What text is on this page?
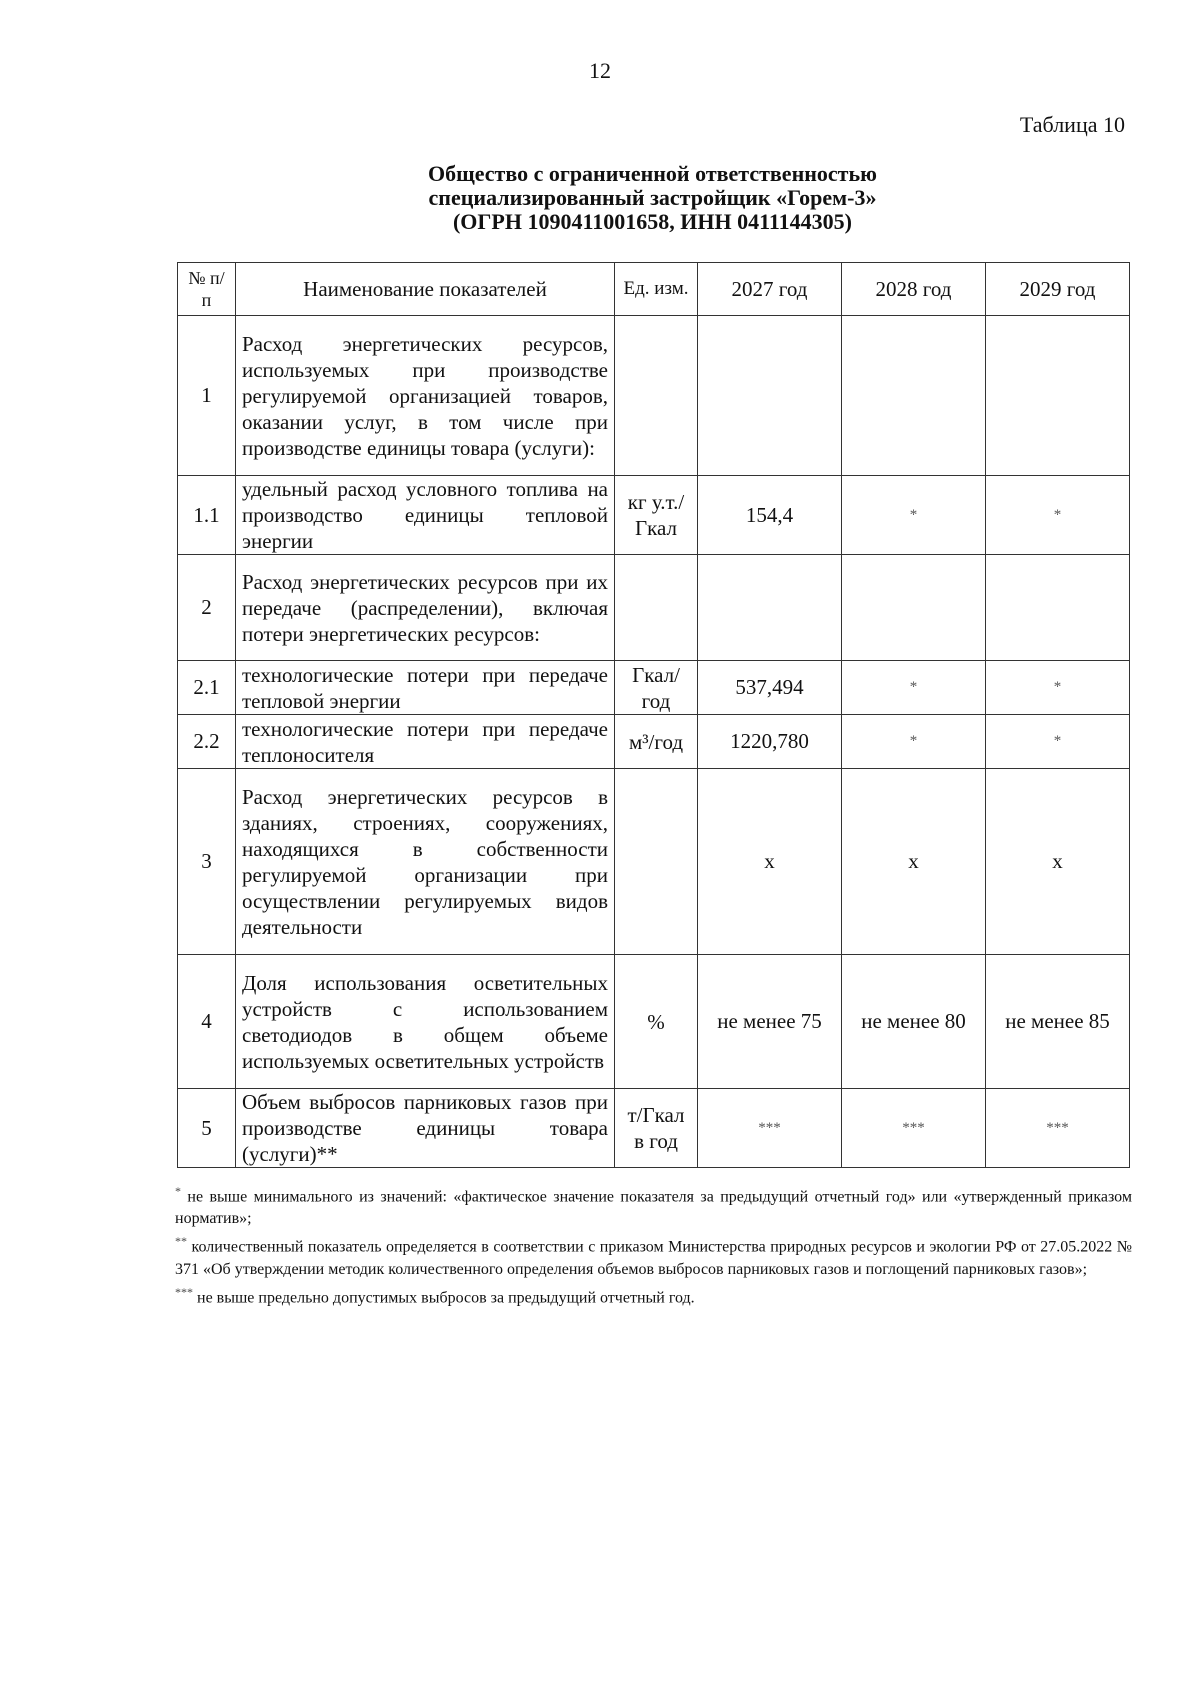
12
Таблица 10
Общество с ограниченной ответственностью
специализированный застройщик «Горем-3»
(ОГРН 1090411001658, ИНН 0411144305)
№ п/п	Наименование показателей	Ед. изм.	2027 год	2028 год	2029 год
1	Расход энергетических ресурсов, используемых при производстве регулируемой организацией товаров, оказании услуг, в том числе при производстве единицы товара (услуги):				
1.1	удельный расход условного топлива на производство единицы тепловой энергии	кг у.т./ Гкал	154,4	*	*
2	Расход энергетических ресурсов при их передаче (распределении), включая потери энергетических ресурсов:				
2.1	технологические потери при передаче тепловой энергии	Гкал/ год	537,494	*	*
2.2	технологические потери при передаче теплоносителя	м³/год	1220,780	*	*
3	Расход энергетических ресурсов в зданиях, строениях, сооружениях, находящихся в собственности регулируемой организации при осуществлении регулируемых видов деятельности		х	х	х
4	Доля использования осветительных устройств с использованием светодиодов в общем объеме используемых осветительных устройств	%	не менее 75	не менее 80	не менее 85
5	Объем выбросов парниковых газов при производстве единицы товара (услуги)**	т/Гкал в год	***	***	***

* не выше минимального из значений: «фактическое значение показателя за предыдущий отчетный год» или «утвержденный приказом норматив»;

** количественный показатель определяется в соответствии с приказом Министерства природных ресурсов и экологии РФ от 27.05.2022 № 371 «Об утверждении методик количественного определения объемов выбросов парниковых газов и поглощений парниковых газов»;

*** не выше предельно допустимых выбросов за предыдущий отчетный год.
